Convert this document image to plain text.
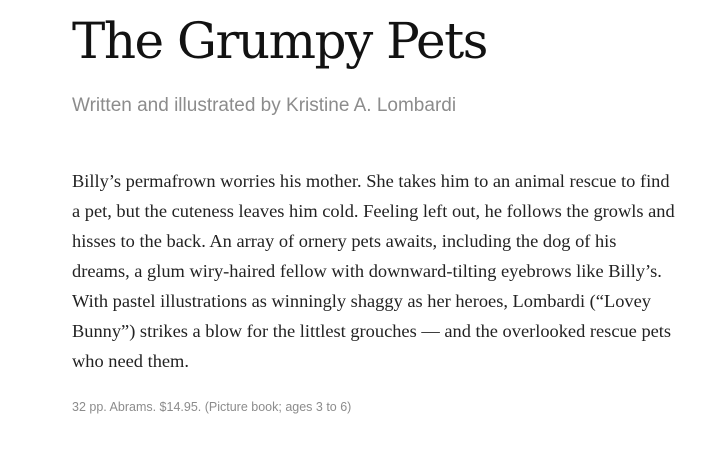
The Grumpy Pets
Written and illustrated by Kristine A. Lombardi

Billy’s permafrown worries his mother. She takes him to an animal rescue to find a pet, but the cuteness leaves him cold. Feeling left out, he follows the growls and hisses to the back. An array of ornery pets awaits, including the dog of his dreams, a glum wiry-haired fellow with downward-tilting eyebrows like Billy’s. With pastel illustrations as winningly shaggy as her heroes, Lombardi (“Lovey Bunny”) strikes a blow for the littlest grouches — and the overlooked rescue pets who need them.

32 pp. Abrams. $14.95. (Picture book; ages 3 to 6)
